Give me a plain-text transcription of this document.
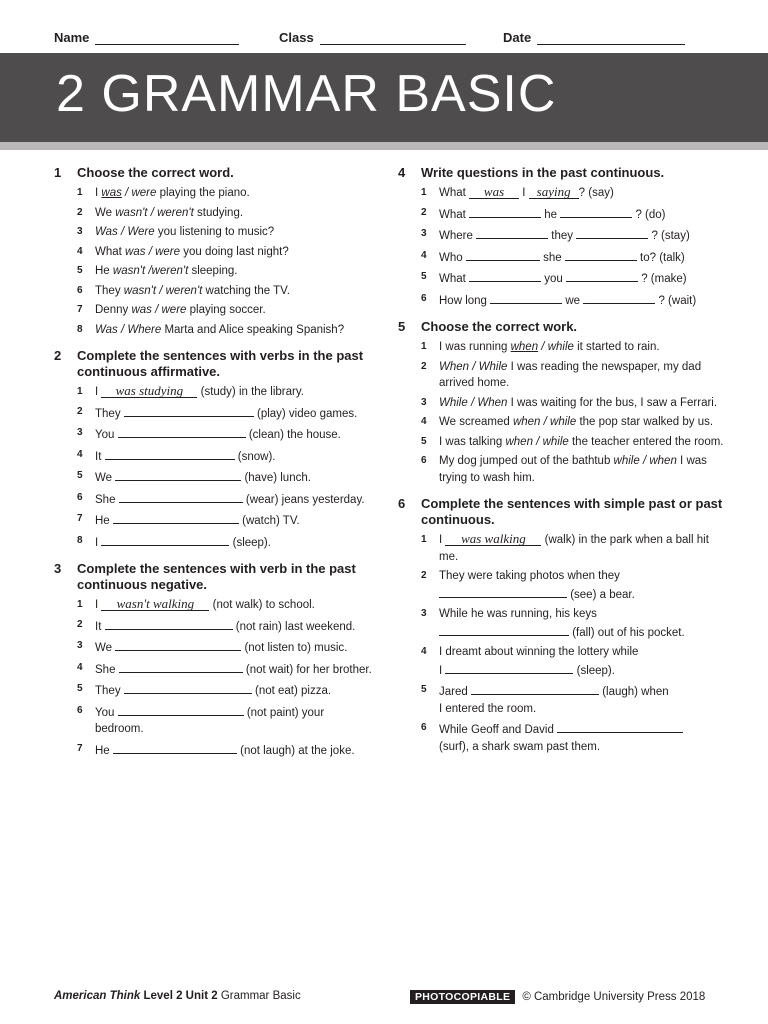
Name	Class	Date
2 GRAMMAR BASIC
1	Choose the correct word.
1	I was / were playing the piano.
2	We wasn't / weren't studying.
3	Was / Were you listening to music?
4	What was / were you doing last night?
5	He wasn't /weren't sleeping.
6	They wasn't / weren't watching the TV.
7	Denny was / were playing soccer.
8	Was / Where Marta and Alice speaking Spanish?
2	Complete the sentences with verbs in the past continuous affirmative.
1	I was studying (study) in the library.
2	They	(play) video games.
3	You	(clean) the house.
4	It	(snow).
5	We	(have) lunch.
6	She	(wear) jeans yesterday.
7	He	(watch) TV.
8	I	(sleep).
3	Complete the sentences with verb in the past continuous negative.
1	I wasn't walking (not walk) to school.
2	It	(not rain) last weekend.
3	We	(not listen to) music.
4	She	(not wait) for her brother.
5	They	(not eat) pizza.
6	You	(not paint) your bedroom.
7	He	(not laugh) at the joke.
4	Write questions in the past continuous.
1	What was I saying ? (say)
2	What	he	? (do)
3	Where	they	? (stay)
4	Who	she	to? (talk)
5	What	you	? (make)
6	How long	we	? (wait)
5	Choose the correct work.
1	I was running when / while it started to rain.
2	When / While I was reading the newspaper, my dad arrived home.
3	While / When I was waiting for the bus, I saw a Ferrari.
4	We screamed when / while the pop star walked by us.
5	I was talking when / while the teacher entered the room.
6	My dog jumped out of the bathtub while / when I was trying to wash him.
6	Complete the sentences with simple past or past continuous.
1	I was walking (walk) in the park when a ball hit me.
2	They were taking photos when they
(see) a bear.
3	While he was running, his keys
(fall) out of his pocket.
4	I dreamt about winning the lottery while
I	(sleep).
5	Jared	(laugh) when
I entered the room.
6	While Geoff and David
(surf), a shark swam past them.
American Think Level 2 Unit 2 Grammar Basic	PHOTOCOPIABLE	© Cambridge University Press 2018
